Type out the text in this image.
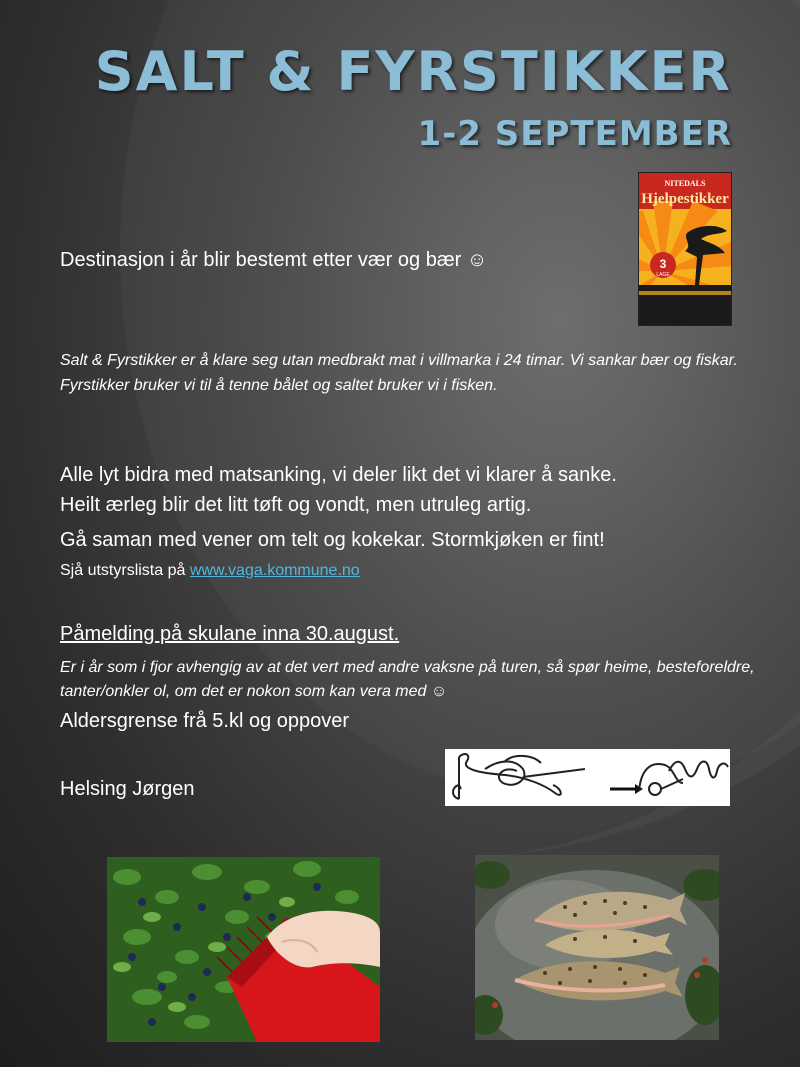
SALT & FYRSTIKKER
1-2 SEPTEMBER
NITEDALS
Hjelpestikker
3
LAGE
Destinasjon i år blir bestemt etter vær og bær ☺
Salt & Fyrstikker er å klare seg utan medbrakt mat i villmarka i 24 timar. Vi sankar bær og fiskar. Fyrstikker bruker vi til å tenne bålet og saltet bruker vi i fisken.
Alle lyt bidra med matsanking, vi deler likt det vi klarer å sanke.
Heilt ærleg blir det litt tøft og vondt, men utruleg artig.
Gå saman med vener om telt og kokekar. Stormkjøken er fint!
Sjå utstyrslista på www.vaga.kommune.no
Påmelding på skulane inna 30.august.
Er i år som i fjor avhengig av at det vert med andre vaksne på turen, så spør heime, besteforeldre, tanter/onkler ol, om det er nokon som kan vera med ☺
Aldersgrense frå 5.kl og oppover
Helsing Jørgen
